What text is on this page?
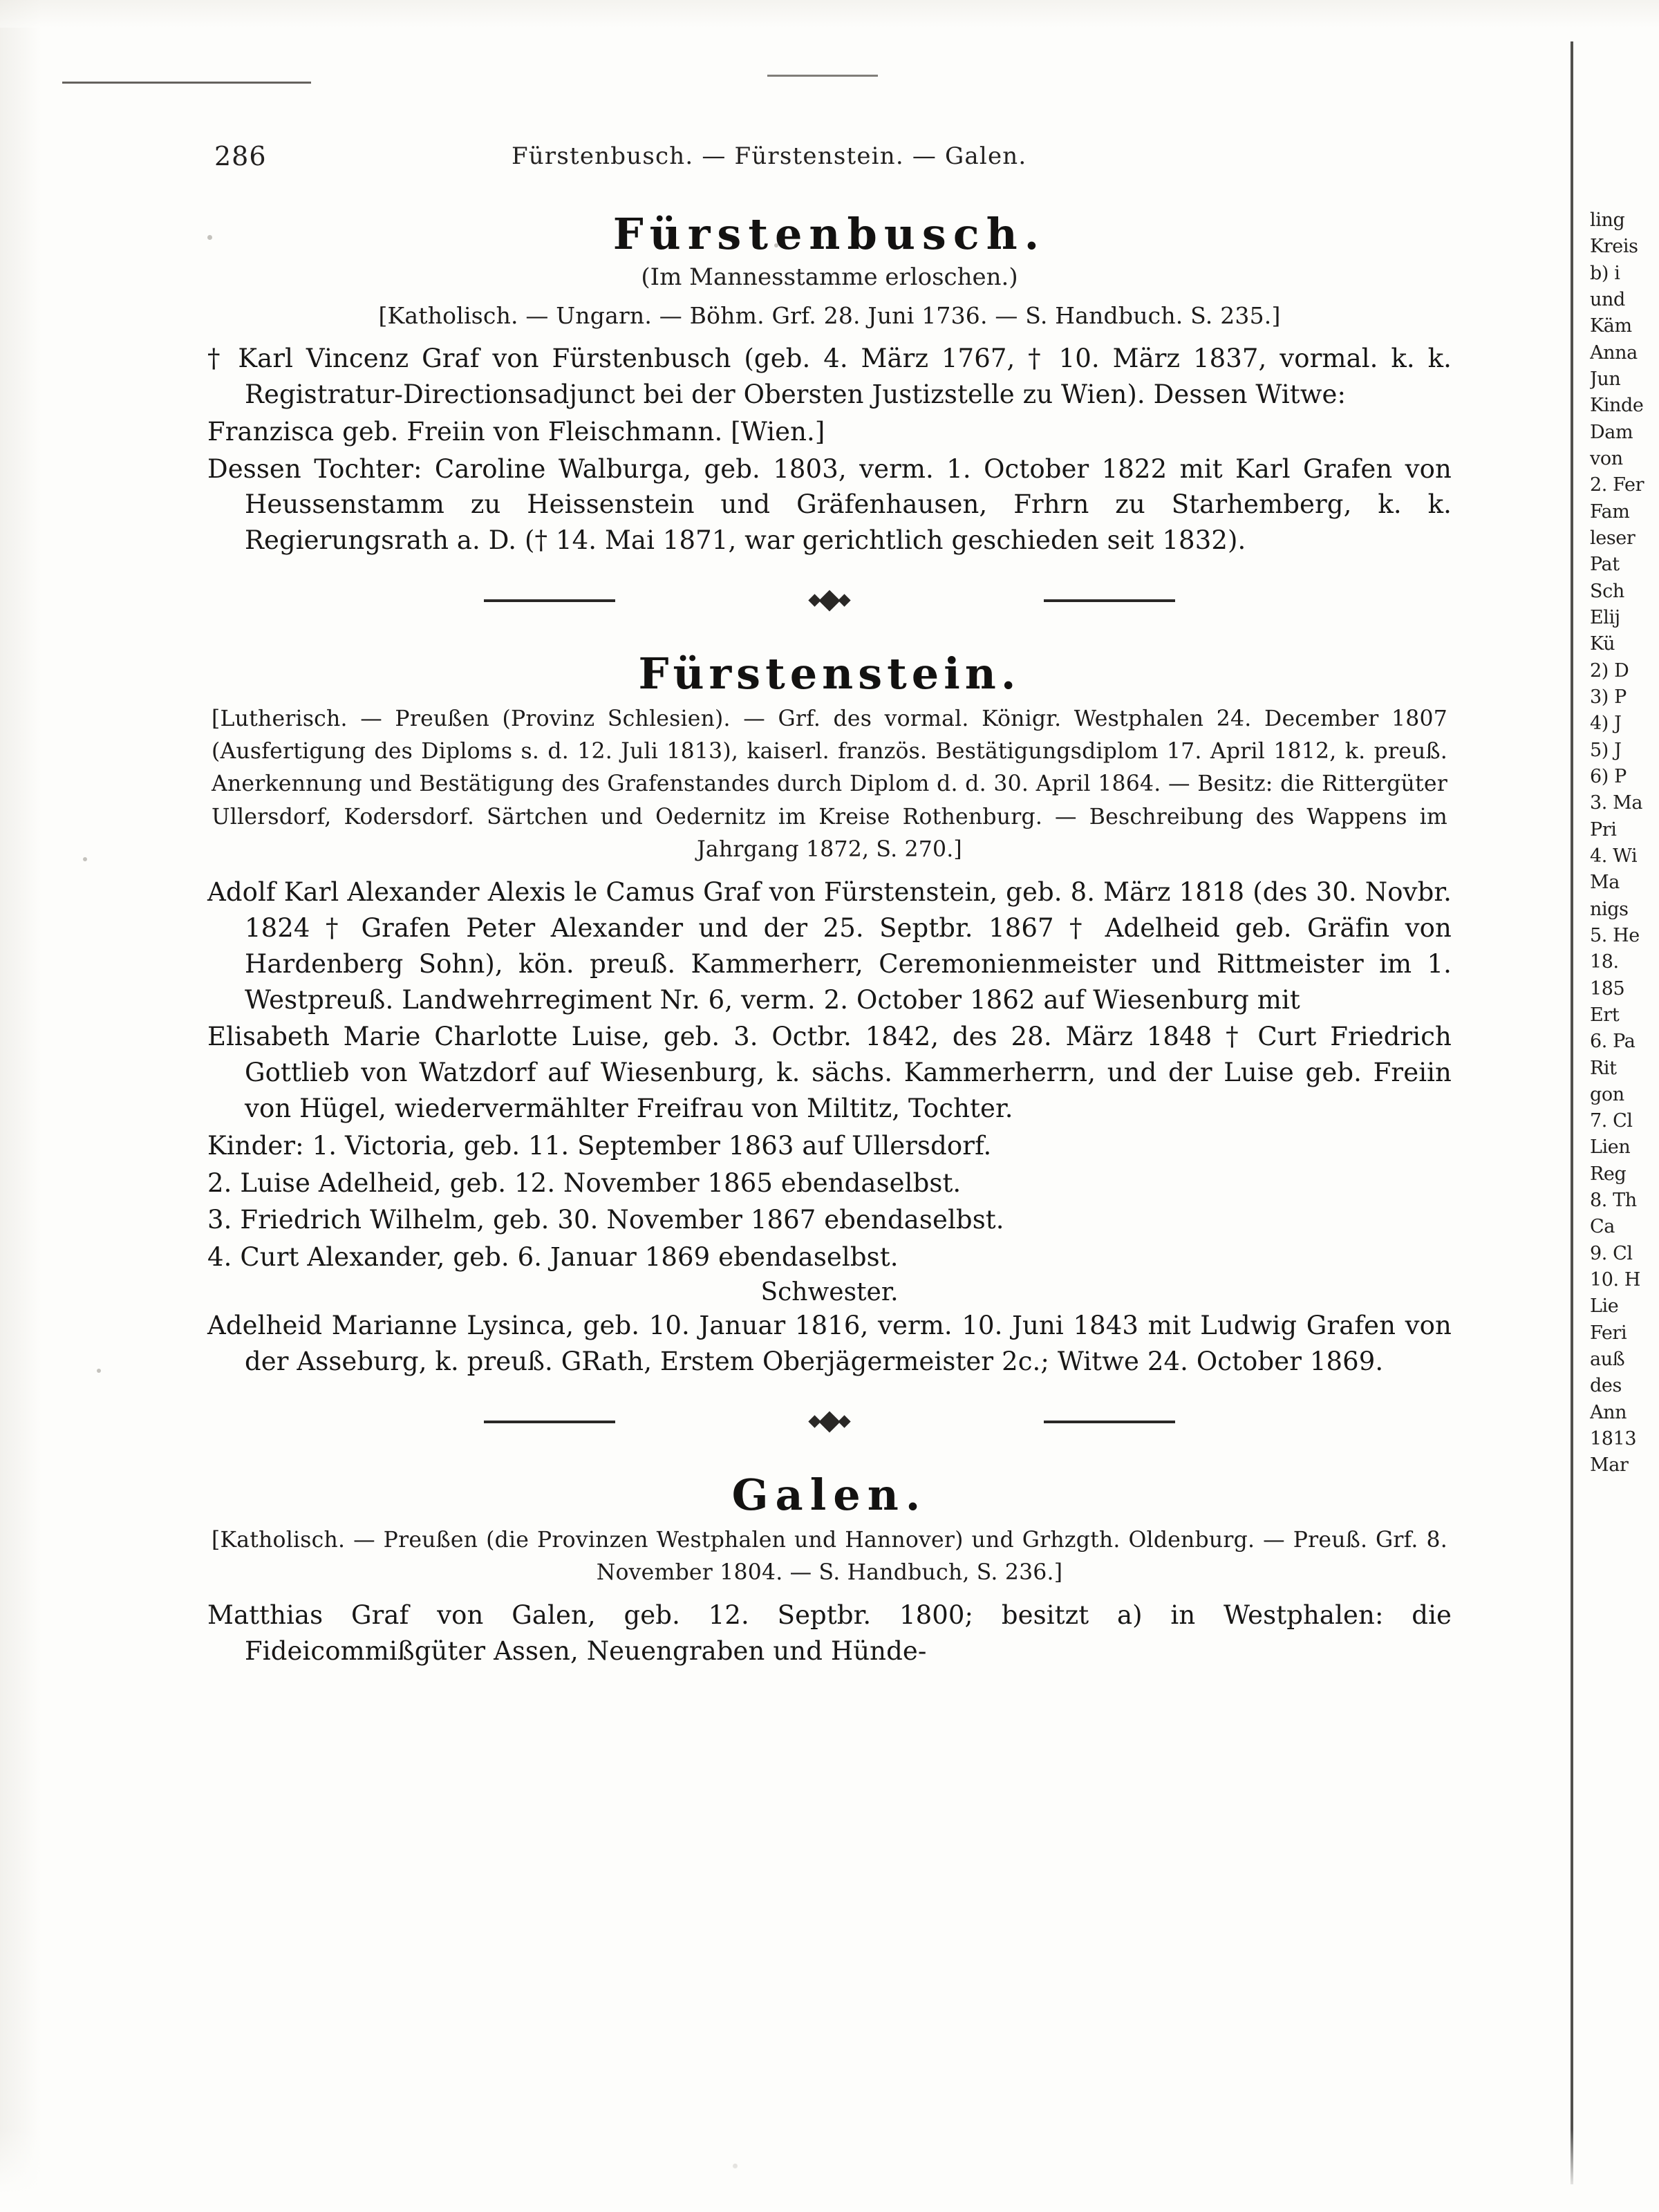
286	Fürstenbusch. — Fürstenstein. — Galen.
Fürstenbusch.
(Im Mannesstamme erloschen.)
[Katholisch. — Ungarn. — Böhm. Grf. 28. Juni 1736. — S. Handbuch. S. 235.]

† Karl Vincenz Graf von Fürstenbusch (geb. 4. März 1767, † 10. März 1837, vormal. k. k. Registratur-Directionsadjunct bei der Obersten Justizstelle zu Wien). Dessen Witwe:

Franzisca geb. Freiin von Fleischmann. [Wien.]

Dessen Tochter: Caroline Walburga, geb. 1803, verm. 1. October 1822 mit Karl Grafen von Heussenstamm zu Heissenstein und Gräfenhausen, Frhrn zu Starhemberg, k. k. Regierungsrath a. D. († 14. Mai 1871, war gerichtlich geschieden seit 1832).

Fürstenstein.
[Lutherisch. — Preußen (Provinz Schlesien). — Grf. des vormal. Königr. Westphalen 24. December 1807 (Ausfertigung des Diploms s. d. 12. Juli 1813), kaiserl. französ. Bestätigungsdiplom 17. April 1812, k. preuß. Anerkennung und Bestätigung des Grafenstandes durch Diplom d. d. 30. April 1864. — Besitz: die Rittergüter Ullersdorf, Kodersdorf. Särtchen und Oedernitz im Kreise Rothenburg. — Beschreibung des Wappens im Jahrgang 1872, S. 270.]

Adolf Karl Alexander Alexis le Camus Graf von Fürstenstein, geb. 8. März 1818 (des 30. Novbr. 1824 † Grafen Peter Alexander und der 25. Septbr. 1867 † Adelheid geb. Gräfin von Hardenberg Sohn), kön. preuß. Kammerherr, Ceremonienmeister und Rittmeister im 1. Westpreuß. Landwehrregiment Nr. 6, verm. 2. October 1862 auf Wiesenburg mit

Elisabeth Marie Charlotte Luise, geb. 3. Octbr. 1842, des 28. März 1848 † Curt Friedrich Gottlieb von Watzdorf auf Wiesenburg, k. sächs. Kammerherrn, und der Luise geb. Freiin von Hügel, wiedervermählter Freifrau von Miltitz, Tochter.

Kinder: 1. Victoria, geb. 11. September 1863 auf Ullersdorf.

2. Luise Adelheid, geb. 12. November 1865 ebendaselbst.

3. Friedrich Wilhelm, geb. 30. November 1867 ebendaselbst.

4. Curt Alexander, geb. 6. Januar 1869 ebendaselbst.

Schwester.

Adelheid Marianne Lysinca, geb. 10. Januar 1816, verm. 10. Juni 1843 mit Ludwig Grafen von der Asseburg, k. preuß. GRath, Erstem Oberjägermeister 2c.; Witwe 24. October 1869.

Galen.
[Katholisch. — Preußen (die Provinzen Westphalen und Hannover) und Grhzgth. Oldenburg. — Preuß. Grf. 8. November 1804. — S. Handbuch, S. 236.]

Matthias Graf von Galen, geb. 12. Septbr. 1800; besitzt a) in Westphalen: die Fideicommißgüter Assen, Neuengraben und Hünde-

ling
Kreis
b) i
und
Käm
Anna
Jun
Kinde
Dam
von
2. Fer
Fam
leser
Pat
Sch
Elij
Kü
2) D
3) P
4) J
5) J
6) P
3. Ma
Pri
4. Wi
Ma
nigs
5. He
18.
185
Ert
6. Pa
Rit
gon
7. Cl
Lien
Reg
8. Th
Ca
9. Cl
10. H
Lie
Feri
auß
des
Ann
1813
Mar
